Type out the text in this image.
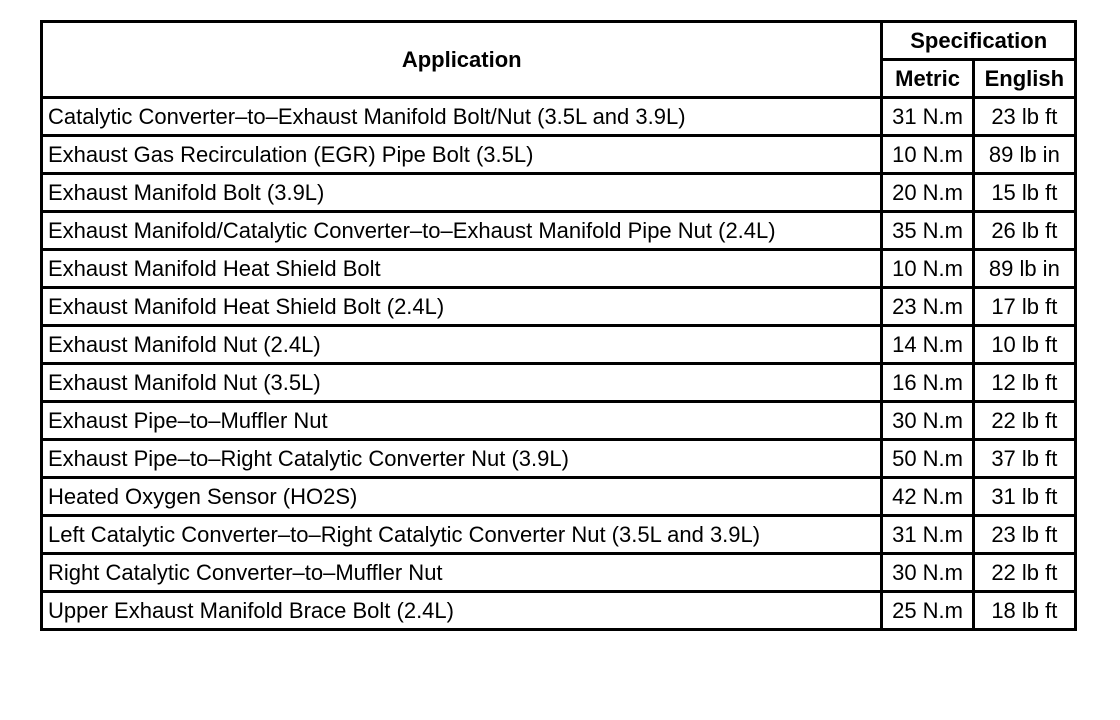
Application	Specification	
	Metric	English
Catalytic Converter–to–Exhaust Manifold Bolt/Nut (3.5L and 3.9L)	31 N.m	23 lb ft
Exhaust Gas Recirculation (EGR) Pipe Bolt (3.5L)	10 N.m	89 lb in
Exhaust Manifold Bolt (3.9L)	20 N.m	15 lb ft
Exhaust Manifold/Catalytic Converter–to–Exhaust Manifold Pipe Nut (2.4L)	35 N.m	26 lb ft
Exhaust Manifold Heat Shield Bolt	10 N.m	89 lb in
Exhaust Manifold Heat Shield Bolt (2.4L)	23 N.m	17 lb ft
Exhaust Manifold Nut (2.4L)	14 N.m	10 lb ft
Exhaust Manifold Nut (3.5L)	16 N.m	12 lb ft
Exhaust Pipe–to–Muffler Nut	30 N.m	22 lb ft
Exhaust Pipe–to–Right Catalytic Converter Nut (3.9L)	50 N.m	37 lb ft
Heated Oxygen Sensor (HO2S)	42 N.m	31 lb ft
Left Catalytic Converter–to–Right Catalytic Converter Nut (3.5L and 3.9L)	31 N.m	23 lb ft
Right Catalytic Converter–to–Muffler Nut	30 N.m	22 lb ft
Upper Exhaust Manifold Brace Bolt (2.4L)	25 N.m	18 lb ft
